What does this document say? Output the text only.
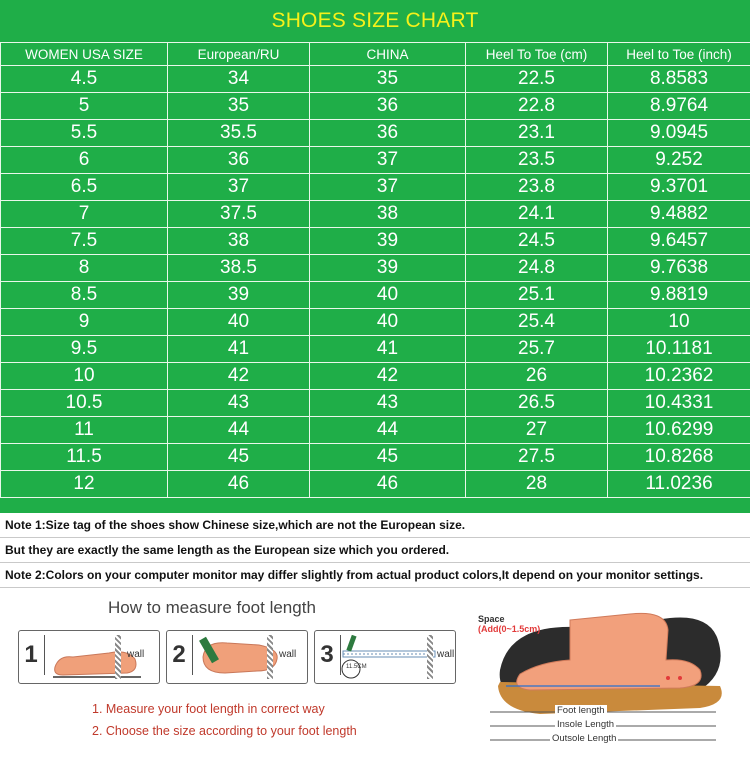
SHOES SIZE CHART
WOMEN USA SIZE	European/RU	CHINA	Heel To Toe (cm)	Heel to Toe (inch)
4.5	34	35	22.5	8.8583
5	35	36	22.8	8.9764
5.5	35.5	36	23.1	9.0945
6	36	37	23.5	9.252
6.5	37	37	23.8	9.3701
7	37.5	38	24.1	9.4882
7.5	38	39	24.5	9.6457
8	38.5	39	24.8	9.7638
8.5	39	40	25.1	9.8819
9	40	40	25.4	10
9.5	41	41	25.7	10.1181
10	42	42	26	10.2362
10.5	43	43	26.5	10.4331
11	44	44	27	10.6299
11.5	45	45	27.5	10.8268
12	46	46	28	11.0236
Note 1:Size tag of the shoes show Chinese size,which are not the European size.
But they are exactly the same length as the European size which you ordered.
Note 2:Colors on your computer monitor may differ slightly from actual product colors,It depend on your monitor settings.
How to measure foot length
1	wall 2	wall 3 11.5CM
wall
1. Measure your foot length in correct way
2. Choose the size according to your foot length
Space
(Add(0~1.5cm)
Foot length
Insole Length
Outsole Length
